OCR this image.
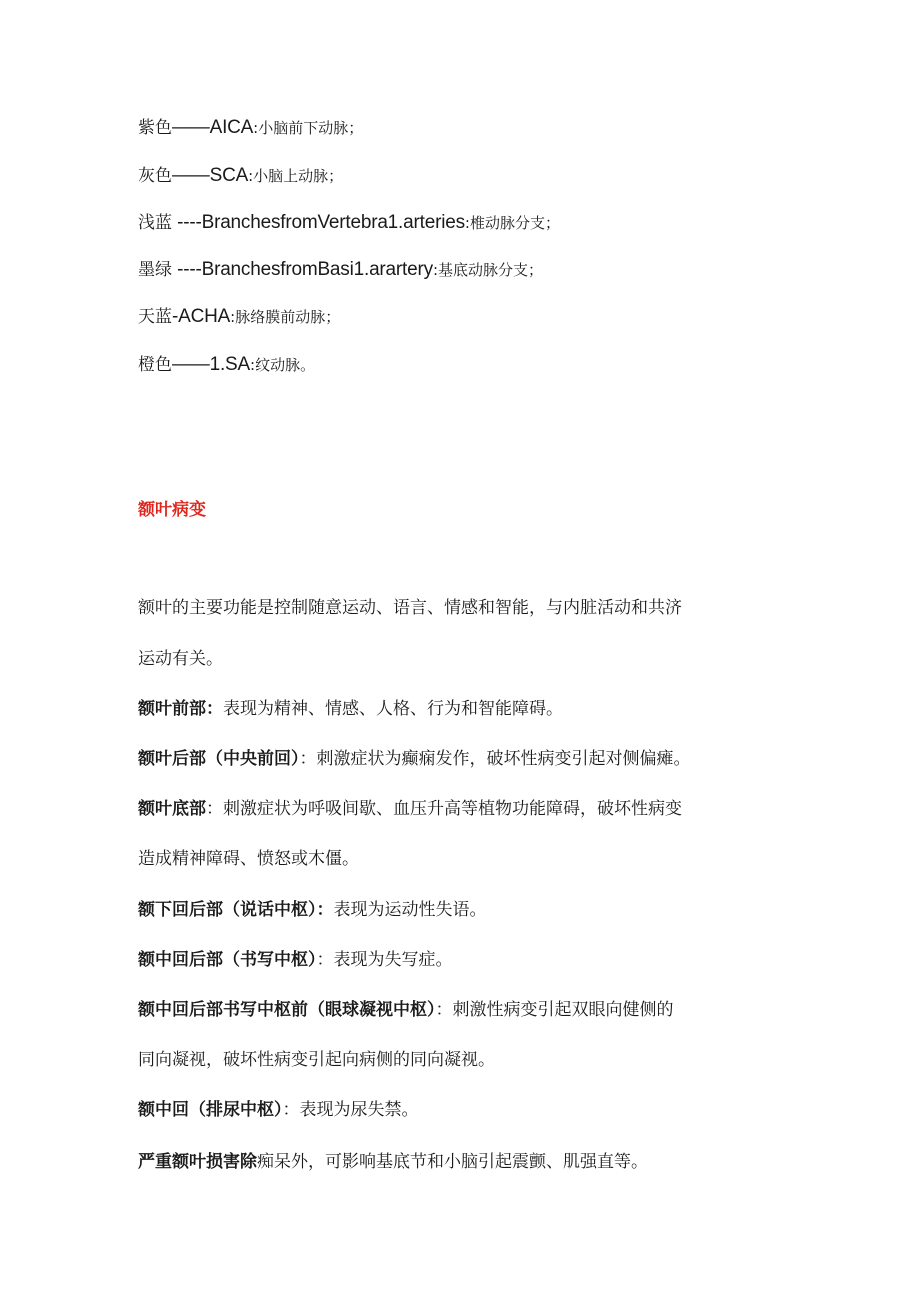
紫色——AICA:小脑前下动脉；
灰色——SCA:小脑上动脉；
浅蓝 ----BranchesfromVertebra1.arteries:椎动脉分支；
墨绿 ----BranchesfromBasi1.arartery:基底动脉分支；
天蓝-ACHA:脉络膜前动脉；
橙色——1.SA:纹动脉。
额叶病变
额叶的主要功能是控制随意运动、语言、情感和智能，与内脏活动和共济
运动有关。
额叶前部：表现为精神、情感、人格、行为和智能障碍。
额叶后部（中央前回）：刺激症状为癫痫发作，破坏性病变引起对侧偏瘫。
额叶底部：刺激症状为呼吸间歇、血压升高等植物功能障碍，破坏性病变
造成精神障碍、愤怒或木僵。
额下回后部（说话中枢）：表现为运动性失语。
额中回后部（书写中枢）：表现为失写症。
额中回后部书写中枢前（眼球凝视中枢）：刺激性病变引起双眼向健侧的
同向凝视，破坏性病变引起向病侧的同向凝视。
额中回（排尿中枢）：表现为尿失禁。
严重额叶损害除痴呆外，可影响基底节和小脑引起震颤、肌强直等。
